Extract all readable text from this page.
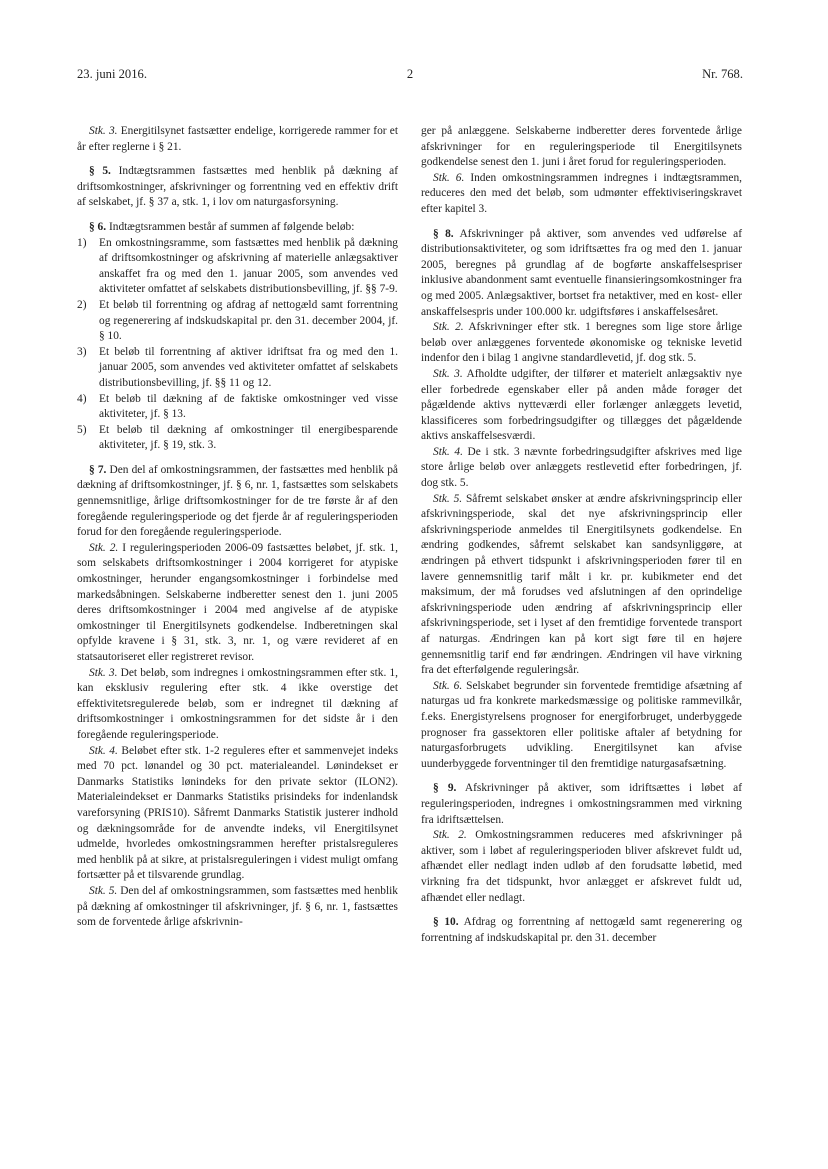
23. juni 2016.	2	Nr. 768.

Stk. 3. Energitilsynet fastsætter endelige, korrigerede rammer for et år efter reglerne i § 21.

§ 5. Indtægtsrammen fastsættes med henblik på dækning af driftsomkostninger, afskrivninger og forrentning ved en effektiv drift af selskabet, jf. § 37 a, stk. 1, i lov om naturgasforsyning.

§ 6. Indtægtsrammen består af summen af følgende beløb:

1) En omkostningsramme, som fastsættes med henblik på dækning af driftsomkostninger og afskrivning af materielle anlægsaktiver anskaffet fra og med den 1. januar 2005, som anvendes ved aktiviteter omfattet af selskabets distributionsbevilling, jf. §§ 7-9.
2) Et beløb til forrentning og afdrag af nettogæld samt forrentning og regenerering af indskudskapital pr. den 31. december 2004, jf. § 10.
3) Et beløb til forrentning af aktiver idriftsat fra og med den 1. januar 2005, som anvendes ved aktiviteter omfattet af selskabets distributionsbevilling, jf. §§ 11 og 12.
4) Et beløb til dækning af de faktiske omkostninger ved visse aktiviteter, jf. § 13.
5) Et beløb til dækning af omkostninger til energibesparende aktiviteter, jf. § 19, stk. 3.

§ 7. Den del af omkostningsrammen, der fastsættes med henblik på dækning af driftsomkostninger, jf. § 6, nr. 1, fastsættes som selskabets gennemsnitlige, årlige driftsomkostninger for de tre første år af den foregående reguleringsperiode og det fjerde år af reguleringsperioden forud for den foregående reguleringsperiode.

Stk. 2. I reguleringsperioden 2006-09 fastsættes beløbet, jf. stk. 1, som selskabets driftsomkostninger i 2004 korrigeret for atypiske omkostninger, herunder engangsomkostninger i forbindelse med markedsåbningen. Selskaberne indberetter senest den 1. juni 2005 deres driftsomkostninger i 2004 med angivelse af de atypiske omkostninger til Energitilsynets godkendelse. Indberetningen skal opfylde kravene i § 31, stk. 3, nr. 1, og være revideret af en statsautoriseret eller registreret revisor.

Stk. 3. Det beløb, som indregnes i omkostningsrammen efter stk. 1, kan eksklusiv regulering efter stk. 4 ikke overstige det effektivitetsregulerede beløb, som er indregnet til dækning af driftsomkostninger i omkostningsrammen for det sidste år i den foregående reguleringsperiode.

Stk. 4. Beløbet efter stk. 1-2 reguleres efter et sammenvejet indeks med 70 pct. lønandel og 30 pct. materialeandel. Lønindekset er Danmarks Statistiks lønindeks for den private sektor (ILON2). Materialeindekset er Danmarks Statistiks prisindeks for indenlandsk vareforsyning (PRIS10). Såfremt Danmarks Statistik justerer indhold og dækningsområde for de anvendte indeks, vil Energitilsynet udmelde, hvorledes omkostningsrammen herefter pristalsreguleres med henblik på at sikre, at pristalsreguleringen i videst muligt omfang fortsætter på et tilsvarende grundlag.

Stk. 5. Den del af omkostningsrammen, som fastsættes med henblik på dækning af omkostninger til afskrivninger, jf. § 6, nr. 1, fastsættes som de forventede årlige afskrivnin-

ger på anlæggene. Selskaberne indberetter deres forventede årlige afskrivninger for en reguleringsperiode til Energitilsynets godkendelse senest den 1. juni i året forud for reguleringsperioden.

Stk. 6. Inden omkostningsrammen indregnes i indtægtsrammen, reduceres den med det beløb, som udmønter effektiviseringskravet efter kapitel 3.

§ 8. Afskrivninger på aktiver, som anvendes ved udførelse af distributionsaktiviteter, og som idriftsættes fra og med den 1. januar 2005, beregnes på grundlag af de bogførte anskaffelsespriser inklusive abandonment samt eventuelle finansieringsomkostninger fra og med 2005. Anlægsaktiver, bortset fra netaktiver, med en kost- eller anskaffelsespris under 100.000 kr. udgiftsføres i anskaffelsesåret.

Stk. 2. Afskrivninger efter stk. 1 beregnes som lige store årlige beløb over anlæggenes forventede økonomiske og tekniske levetid indenfor den i bilag 1 angivne standardlevetid, jf. dog stk. 5.

Stk. 3. Afholdte udgifter, der tilfører et materielt anlægsaktiv nye eller forbedrede egenskaber eller på anden måde forøger det pågældende aktivs nytteværdi eller forlænger anlæggets levetid, klassificeres som forbedringsudgifter og tillægges det pågældende aktivs anskaffelsesværdi.

Stk. 4. De i stk. 3 nævnte forbedringsudgifter afskrives med lige store årlige beløb over anlæggets restlevetid efter forbedringen, jf. dog stk. 5.

Stk. 5. Såfremt selskabet ønsker at ændre afskrivningsprincip eller afskrivningsperiode, skal det nye afskrivningsprincip eller afskrivningsperiode anmeldes til Energitilsynets godkendelse. En ændring godkendes, såfremt selskabet kan sandsynliggøre, at ændringen på ethvert tidspunkt i afskrivningsperioden fører til en lavere gennemsnitlig tarif målt i kr. pr. kubikmeter end det maksimum, der må forudses ved afslutningen af den oprindelige afskrivningsperiode uden ændring af afskrivningsprincip eller afskrivningsperiode, set i lyset af den fremtidige forventede transport af naturgas. Ændringen kan på kort sigt føre til en højere gennemsnitlig tarif end før ændringen. Ændringen vil have virkning fra det efterfølgende reguleringsår.

Stk. 6. Selskabet begrunder sin forventede fremtidige afsætning af naturgas ud fra konkrete markedsmæssige og politiske rammevilkår, f.eks. Energistyrelsens prognoser for energiforbruget, underbyggede prognoser fra gassektoren eller politiske aftaler af betydning for naturgasforbrugets udvikling. Energitilsynet kan afvise uunderbyggede forventninger til den fremtidige naturgasafsætning.

§ 9. Afskrivninger på aktiver, som idriftsættes i løbet af reguleringsperioden, indregnes i omkostningsrammen med virkning fra idriftsættelsen.

Stk. 2. Omkostningsrammen reduceres med afskrivninger på aktiver, som i løbet af reguleringsperioden bliver afskrevet fuldt ud, afhændet eller nedlagt inden udløb af den forudsatte løbetid, med virkning fra det tidspunkt, hvor anlægget er afskrevet fuldt ud, afhændet eller nedlagt.

§ 10. Afdrag og forrentning af nettogæld samt regenerering og forrentning af indskudskapital pr. den 31. december
